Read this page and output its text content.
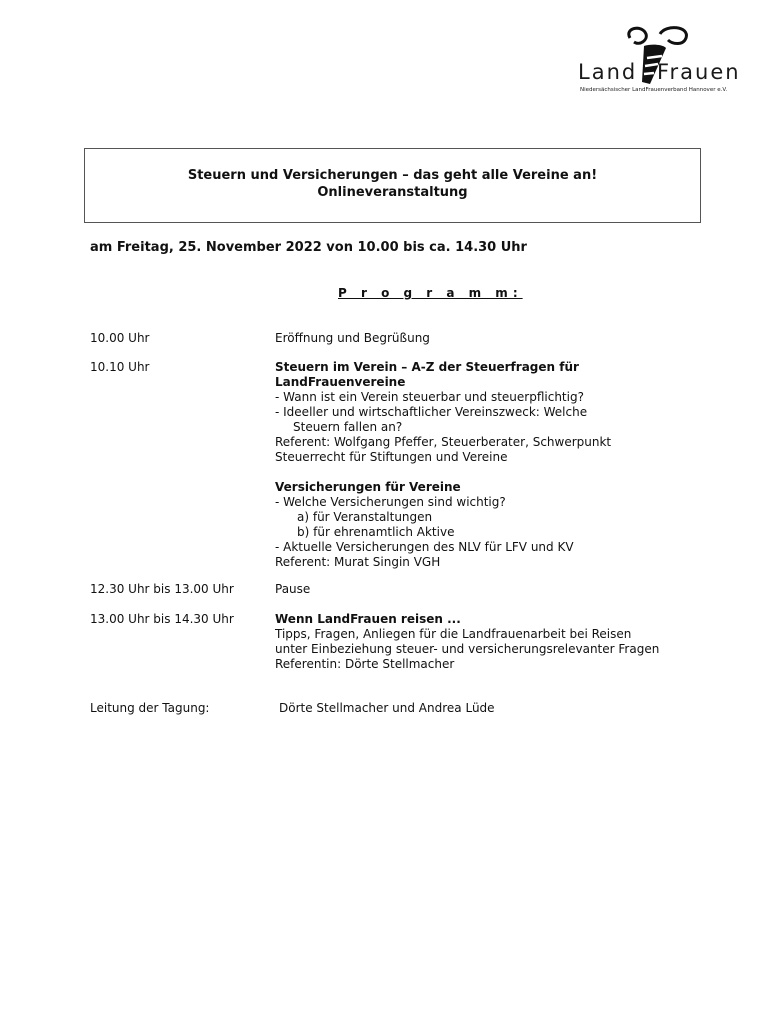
Land Frauen
Niedersächsischer LandFrauenverband Hannover e.V.
Steuern und Versicherungen – das geht alle Vereine an!
Onlineveranstaltung
am Freitag, 25. November 2022 von 10.00 bis ca. 14.30 Uhr
P r o g r a m m:
10.00 Uhr	Eröffnung und Begrüßung
10.10 Uhr	Steuern im Verein – A-Z der Steuerfragen für
LandFrauenvereine
- Wann ist ein Verein steuerbar und steuerpflichtig?
- Ideeller und wirtschaftlicher Vereinszweck: Welche
Steuern fallen an?
Referent: Wolfgang Pfeffer, Steuerberater, Schwerpunkt
Steuerrecht für Stiftungen und Vereine
Versicherungen für Vereine
- Welche Versicherungen sind wichtig?
a) für Veranstaltungen
b) für ehrenamtlich Aktive
- Aktuelle Versicherungen des NLV für LFV und KV
Referent: Murat Singin VGH
12.30 Uhr bis 13.00 Uhr	Pause
13.00 Uhr bis 14.30 Uhr	Wenn LandFrauen reisen ...
Tipps, Fragen, Anliegen für die Landfrauenarbeit bei Reisen
unter Einbeziehung steuer- und versicherungsrelevanter Fragen
Referentin: Dörte Stellmacher
Leitung der Tagung:	Dörte Stellmacher und Andrea Lüde
